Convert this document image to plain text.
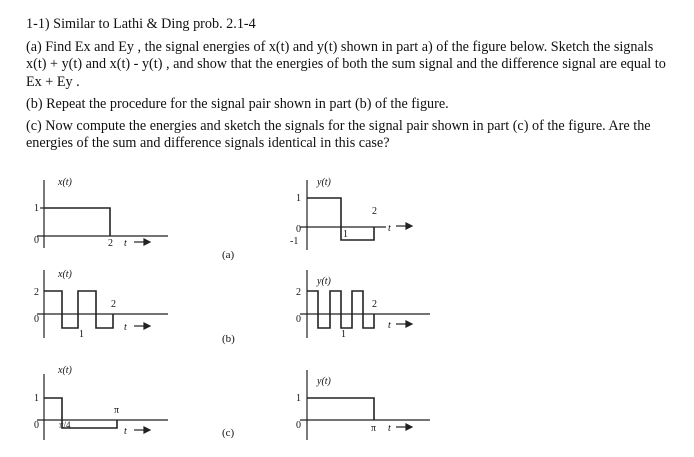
1-1) Similar to Lathi & Ding prob. 2.1-4

(a) Find Ex and Ey , the signal energies of x(t) and y(t) shown in part a) of the figure below. Sketch the signals x(t) + y(t) and x(t) - y(t) , and show that the energies of both the sum signal and the difference signal are equal to Ex + Ey .

(b) Repeat the procedure for the signal pair shown in part (b) of the figure.

(c) Now compute the energies and sketch the signals for the signal pair shown in part (c) of the figure. Are the energies of the sum and difference signals identical in this case?

x(t)
1
0	2 t
(a)
y(t)
1
0
-1
1
2
t
x(t)
2
0
1
2
t
(b)
y(t)
2
0
1
2
t
x(t)
1
0 π/4
π
t	(c)
y(t)
1
0	π t
